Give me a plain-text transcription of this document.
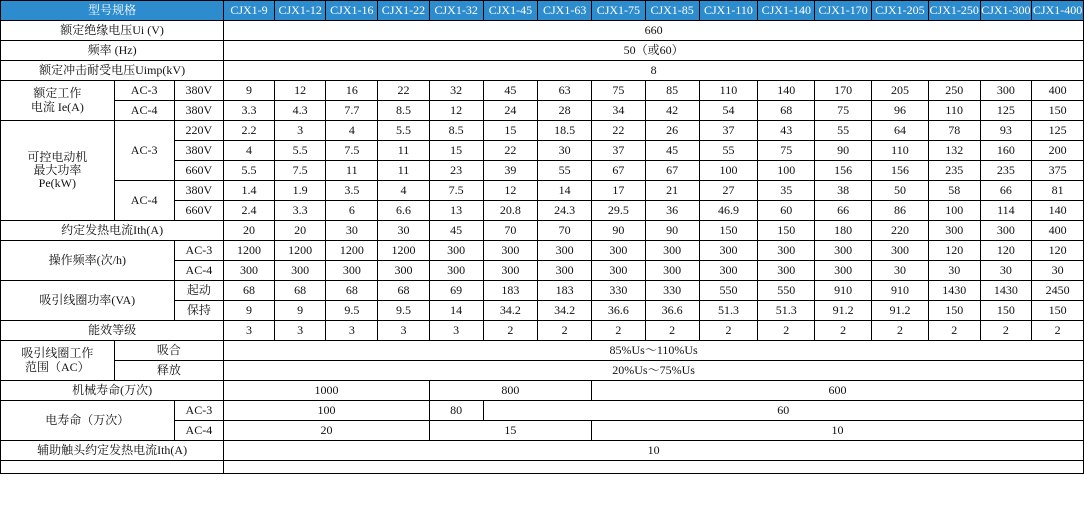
型号规格			CJX1-9	CJX1-12	CJX1-16	CJX1-22	CJX1-32	CJX1-45	CJX1-63	CJX1-75	CJX1-85	CJX1-110	CJX1-140	CJX1-170	CJX1-205	CJX1-250	CJX1-300	CJX1-400
额定绝缘电压Ui (V)			660															
频率 (Hz)			50（或60）															
额定冲击耐受电压Uimp(kV)			8															

额定工作
电流 Ie(A)	AC-3	380V	9	12	16	22	32	45	63	75	85	110	140	170	205	250	300	400
	AC-4	380V	3.3	4.3	7.7	8.5	12	24	28	34	42	54	68	75	96	110	125	150

可控电动机
最大功率
Pe(kW)	AC-3	220V	2.2	3	4	5.5	8.5	15	18.5	22	26	37	43	55	64	78	93	125
		380V	4	5.5	7.5	11	15	22	30	37	45	55	75	90	110	132	160	200
		660V	5.5	7.5	11	11	23	39	55	67	67	100	100	156	156	235	235	375
	AC-4	380V	1.4	1.9	3.5	4	7.5	12	14	17	21	27	35	38	50	58	66	81
		660V	2.4	3.3	6	6.6	13	20.8	24.3	29.5	36	46.9	60	66	86	100	114	140
约定发热电流Ith(A)			20	20	30	30	45	70	70	90	90	150	150	180	220	300	300	400
操作频率(次/h)		AC-3	1200	1200	1200	1200	300	300	300	300	300	300	300	300	300	120	120	120
		AC-4	300	300	300	300	300	300	300	300	300	300	300	300	30	30	30	30
吸引线圈功率(VA)		起动	68	68	68	68	69	183	183	330	330	550	550	910	910	1430	1430	2450
		保持	9	9	9.5	9.5	14	34.2	34.2	36.6	36.6	51.3	51.3	91.2	91.2	150	150	150
能效等级			3	3	3	3	3	2	2	2	2	2	2	2	2	2	2	2

吸引线圈工作
范围（AC）	吸合		85%Us～110%Us															
	释放		20%Us～75%Us															
机械寿命(万次)			1000				800			600								
电寿命（万次）		AC-3	100				80	60										
		AC-4	20				15			10								
辅助触头约定发热电流Ith(A)			10															
